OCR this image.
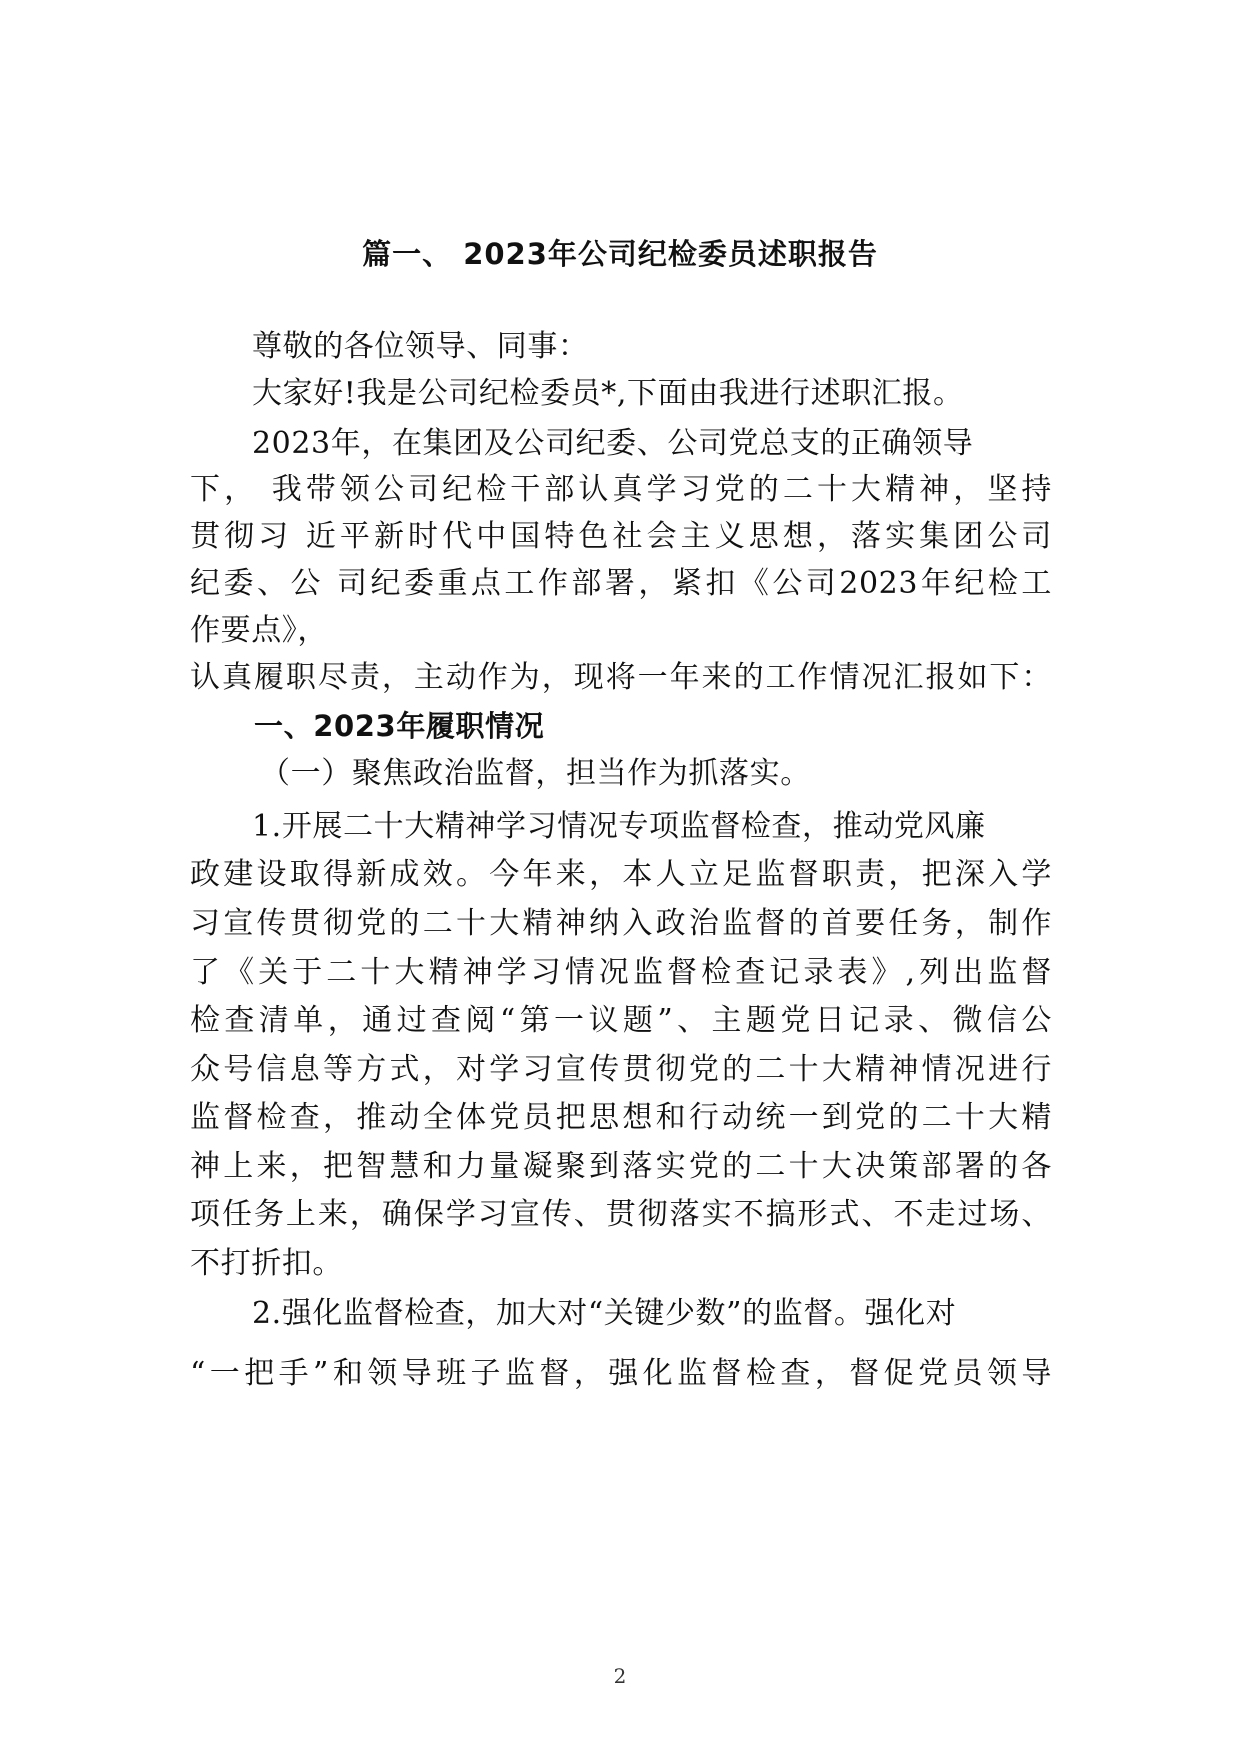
篇一、 2023年公司纪检委员述职报告
尊敬的各位领导、同事：
大家好!我是公司纪检委员*,下面由我进行述职汇报。
2023年，在集团及公司纪委、公司党总支的正确领导
下， 我带领公司纪检干部认真学习党的二十大精神，坚持
贯彻习 近平新时代中国特色社会主义思想，落实集团公司
纪委、公 司纪委重点工作部署，紧扣《公司2023年纪检工
作要点》，
认真履职尽责，主动作为，现将一年来的工作情况汇报如下：
一、2023年履职情况
（一）聚焦政治监督，担当作为抓落实。
1.开展二十大精神学习情况专项监督检查，推动党风廉
政建设取得新成效。今年来，本人立足监督职责，把深入学
习宣传贯彻党的二十大精神纳入政治监督的首要任务，制作
了《关于二十大精神学习情况监督检查记录表》,列出监督
检查清单，通过查阅“第一议题”、主题党日记录、微信公
众号信息等方式，对学习宣传贯彻党的二十大精神情况进行
监督检查，推动全体党员把思想和行动统一到党的二十大精
神上来，把智慧和力量凝聚到落实党的二十大决策部署的各
项任务上来，确保学习宣传、贯彻落实不搞形式、不走过场、
不打折扣。
2.强化监督检查，加大对“关键少数”的监督。强化对
“一把手”和领导班子监督，强化监督检查，督促党员领导
2
